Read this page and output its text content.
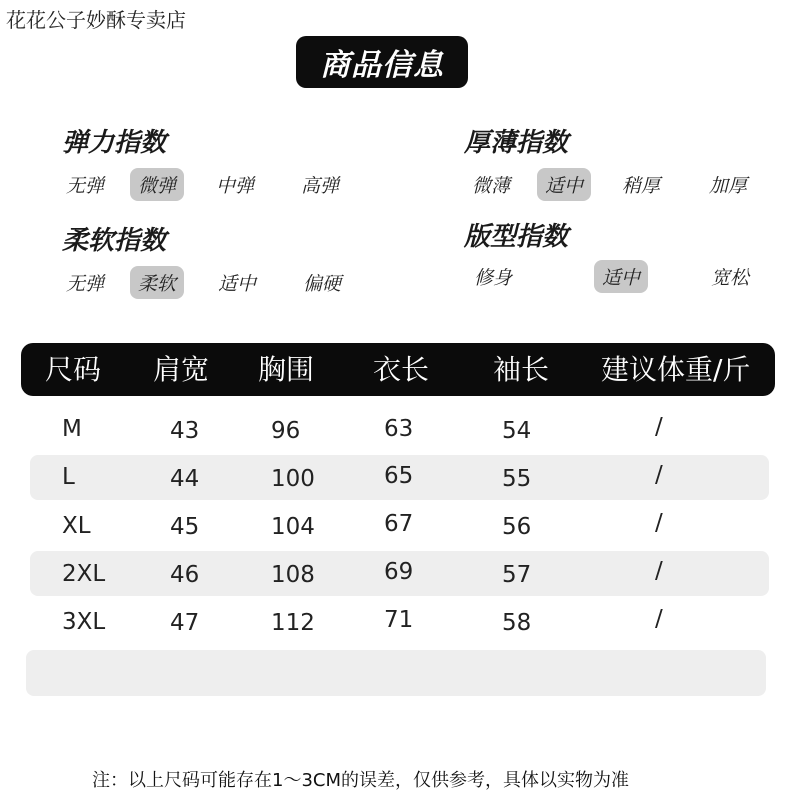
花花公子妙酥专卖店
商品信息
弹力指数
无弹	微弹	中弹	高弹
厚薄指数
微薄	适中	稍厚	加厚
柔软指数
无弹	柔软	适中	偏硬
版型指数
修身	适中	宽松
尺码 肩宽 胸围 衣长 袖长 建议体重/斤
M	43	96	63	54	/
L	44	100	65	55	/
XL	45	104	67	56	/
2XL	46	108	69	57	/
3XL	47	112	71	58	/
注：以上尺码可能存在1～3CM的误差，仅供参考，具体以实物为准
